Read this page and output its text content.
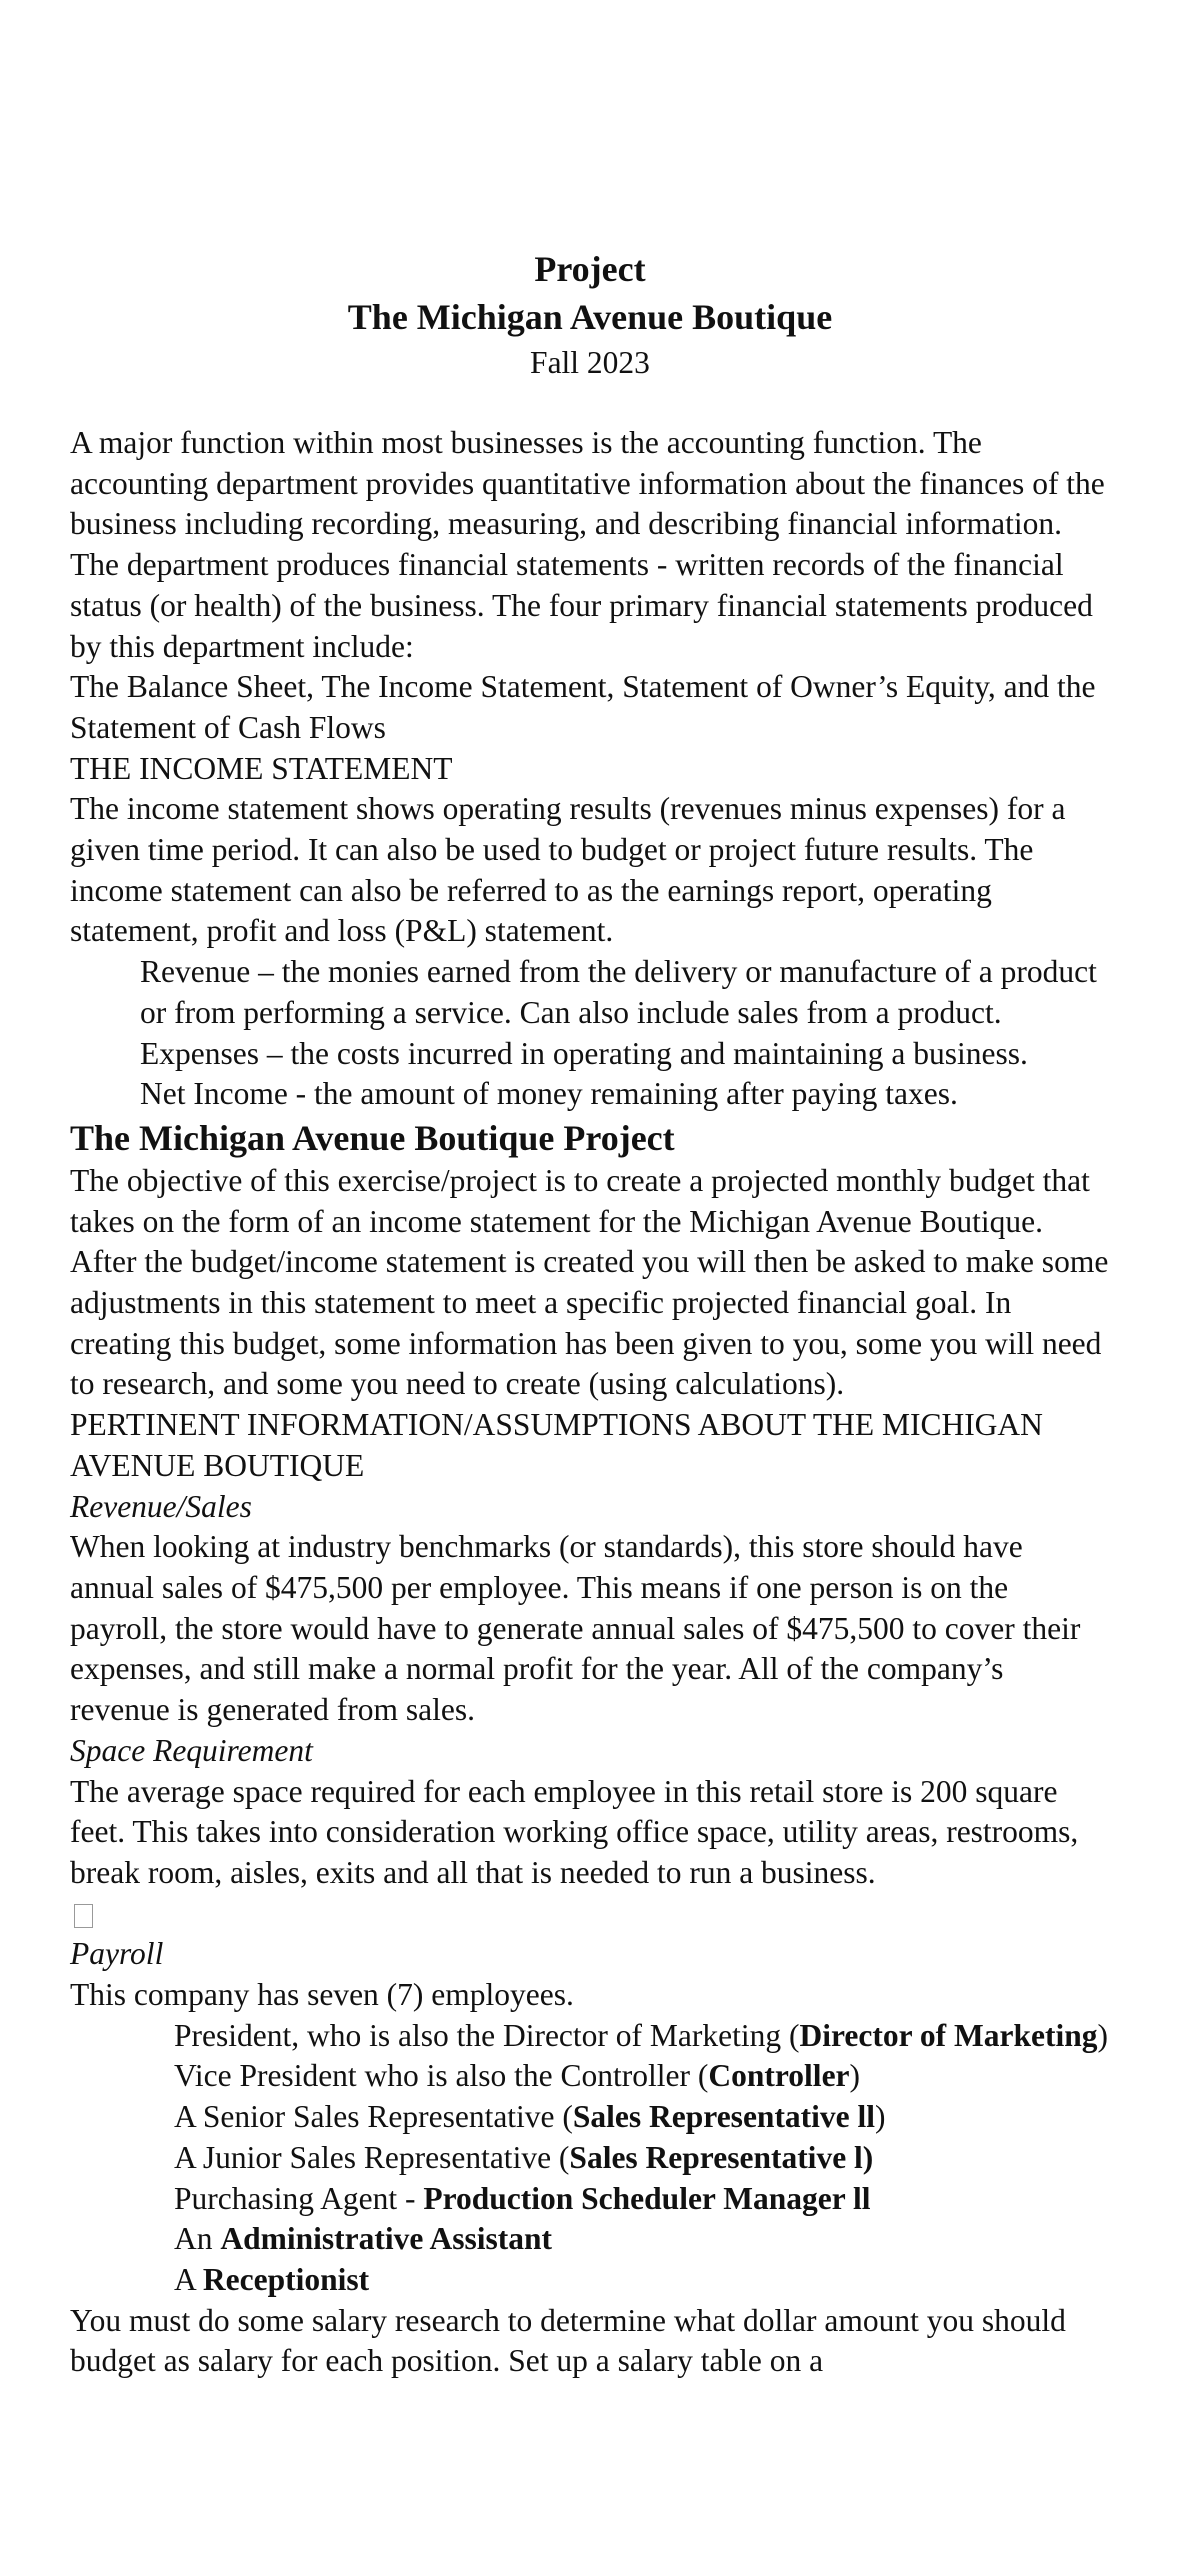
Project
The Michigan Avenue Boutique
Fall 2023

A major function within most businesses is the accounting function. The accounting department provides quantitative information about the finances of the business including recording, measuring, and describing financial information. The department produces financial statements - written records of the financial status (or health) of the business. The four primary financial statements produced by this department include:

The Balance Sheet, The Income Statement, Statement of Owner’s Equity, and the Statement of Cash Flows

THE INCOME STATEMENT

The income statement shows operating results (revenues minus expenses) for a given time period. It can also be used to budget or project future results. The income statement can also be referred to as the earnings report, operating statement, profit and loss (P&L) statement.

Revenue – the monies earned from the delivery or manufacture of a product or from performing a service. Can also include sales from a product.

Expenses – the costs incurred in operating and maintaining a business.

Net Income - the amount of money remaining after paying taxes.

The Michigan Avenue Boutique Project

The objective of this exercise/project is to create a projected monthly budget that takes on the form of an income statement for the Michigan Avenue Boutique. After the budget/income statement is created you will then be asked to make some adjustments in this statement to meet a specific projected financial goal. In creating this budget, some information has been given to you, some you will need to research, and some you need to create (using calculations).

PERTINENT INFORMATION/ASSUMPTIONS ABOUT THE MICHIGAN AVENUE BOUTIQUE

Revenue/Sales

When looking at industry benchmarks (or standards), this store should have annual sales of $475,500 per employee. This means if one person is on the payroll, the store would have to generate annual sales of $475,500 to cover their expenses, and still make a normal profit for the year. All of the company’s revenue is generated from sales.

Space Requirement

The average space required for each employee in this retail store is 200 square feet. This takes into consideration working office space, utility areas, restrooms, break room, aisles, exits and all that is needed to run a business.

Payroll

This company has seven (7) employees.

President, who is also the Director of Marketing (Director of Marketing)

Vice President who is also the Controller (Controller)

A Senior Sales Representative (Sales Representative ll)

A Junior Sales Representative (Sales Representative l)

Purchasing Agent - Production Scheduler Manager ll

An Administrative Assistant

A Receptionist

You must do some salary research to determine what dollar amount you should budget as salary for each position. Set up a salary table on a
